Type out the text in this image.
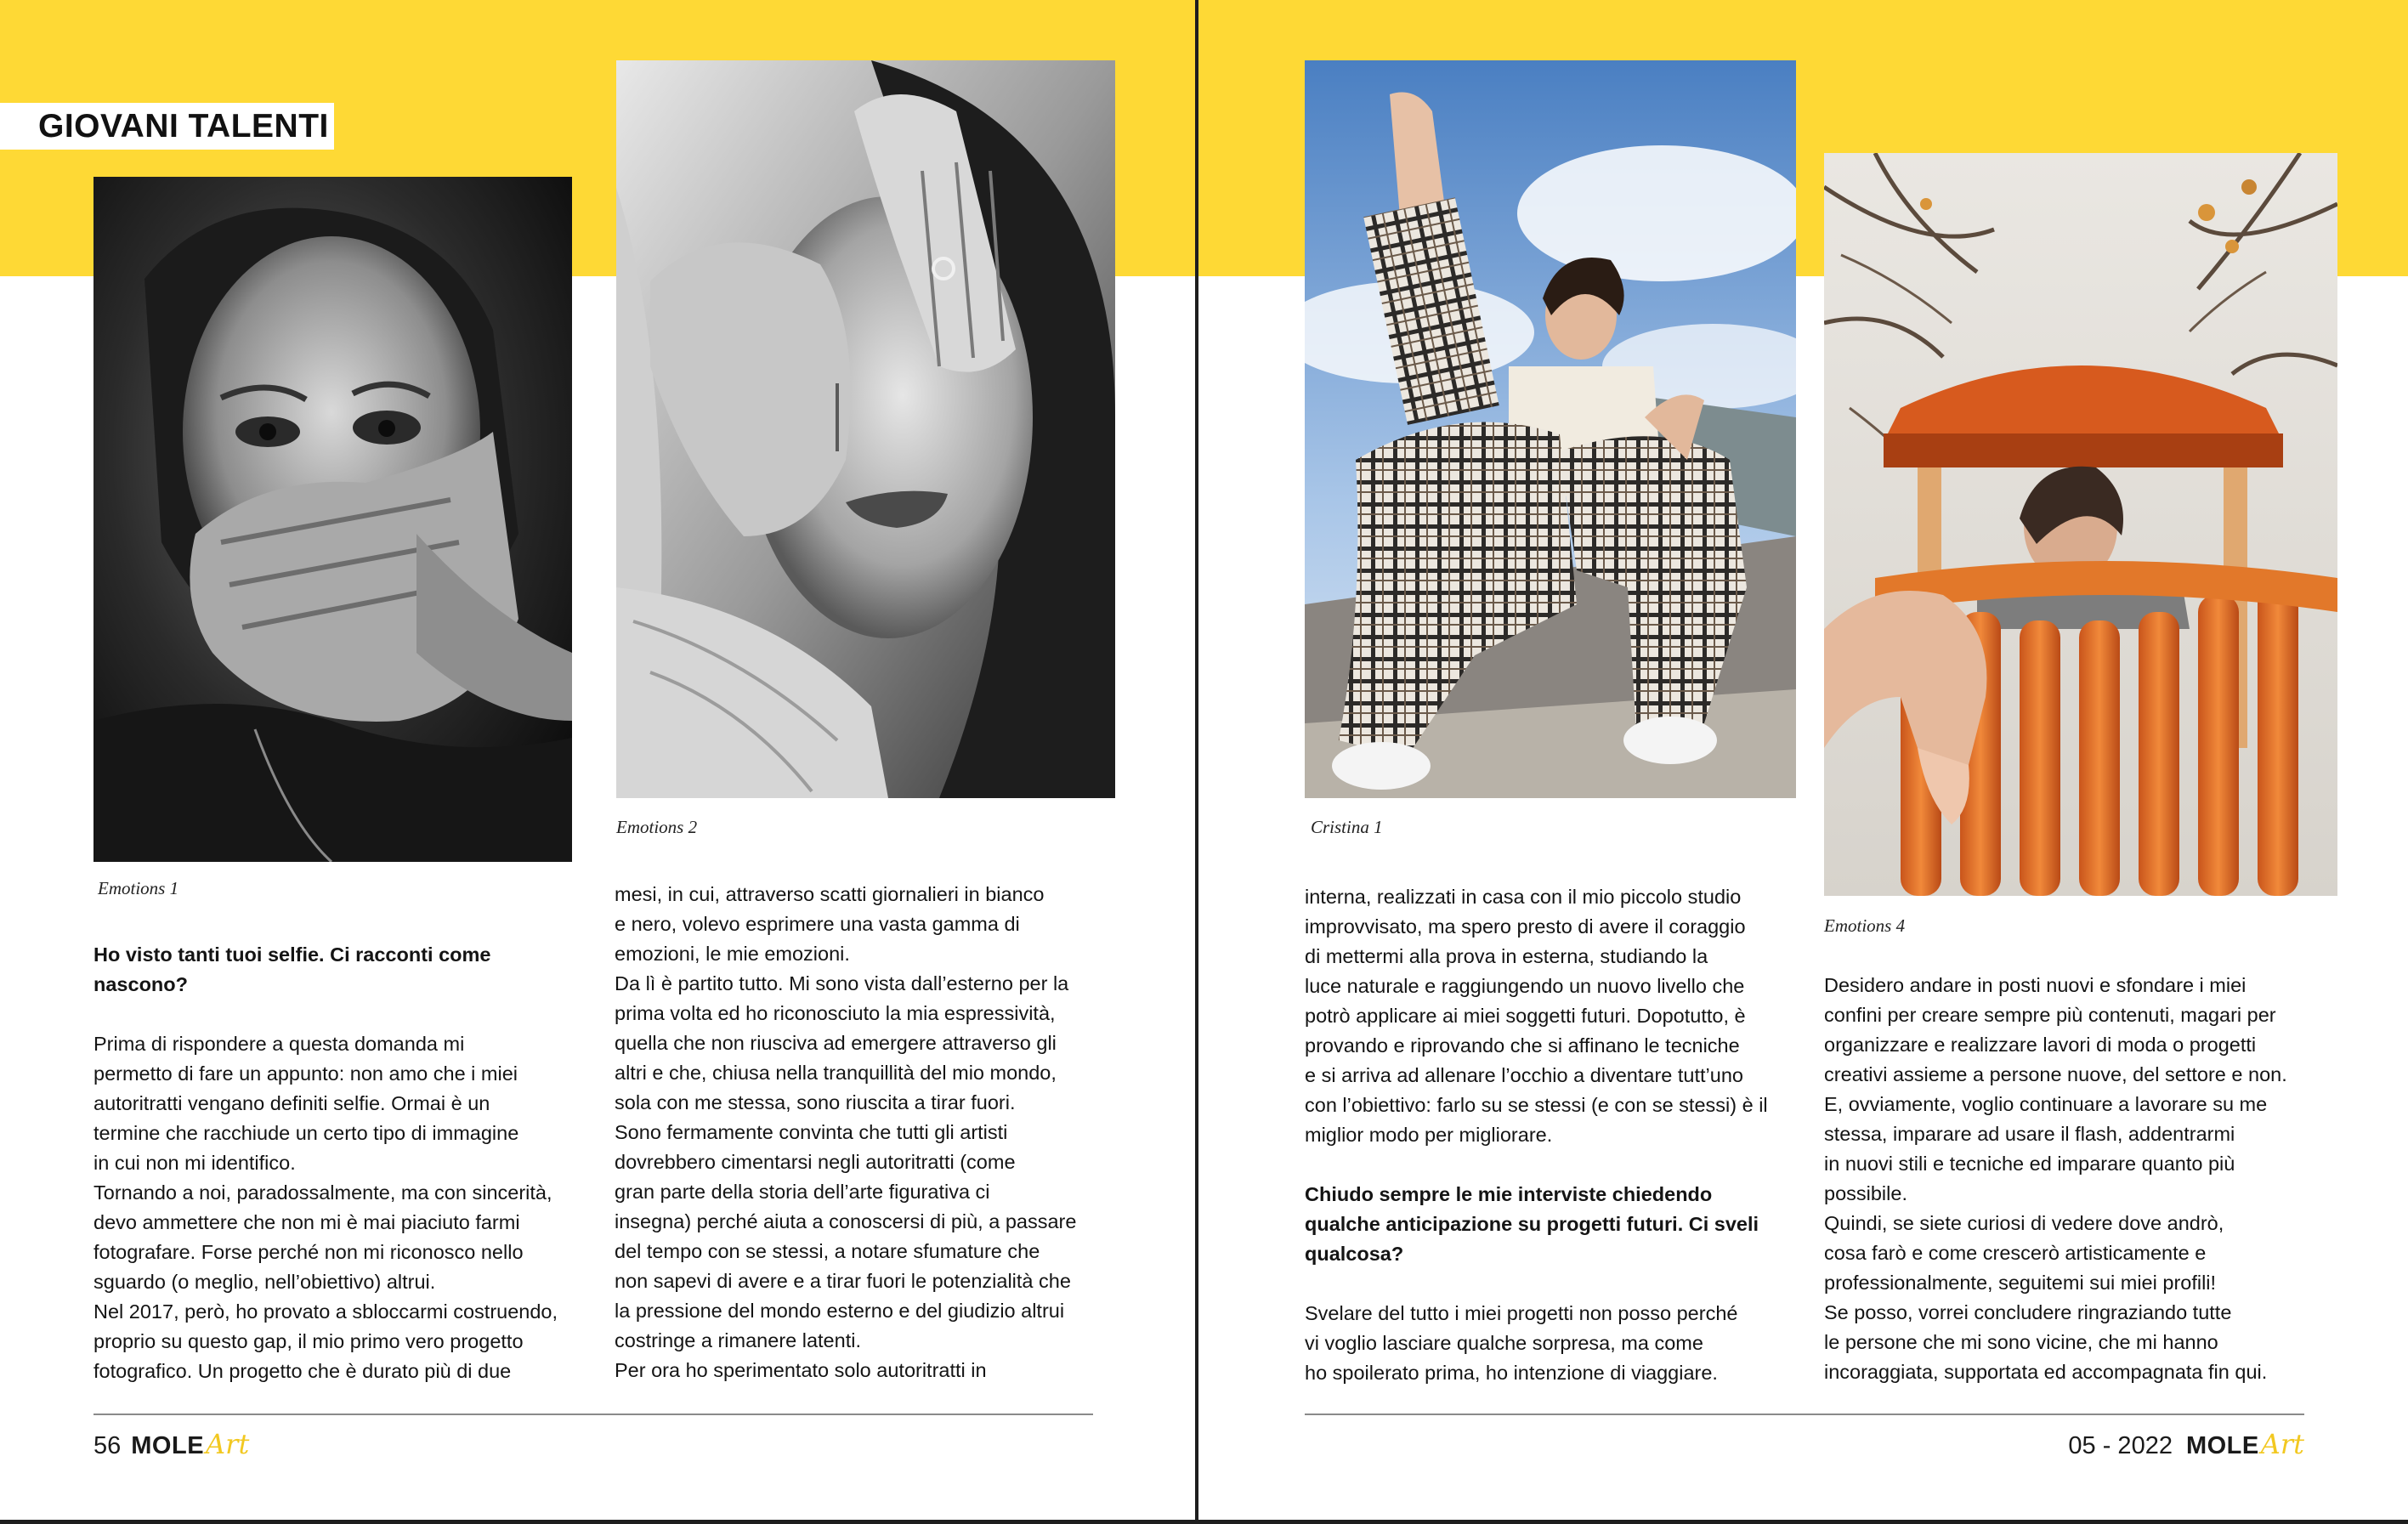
GIOVANI TALENTI
Emotions 1
Emotions 2

Ho visto tanti tuoi selfie. Ci racconti come

nascono?

Prima di rispondere a questa domanda mi

permetto di fare un appunto: non amo che i miei

autoritratti vengano definiti selfie. Ormai è un

termine che racchiude un certo tipo di immagine

in cui non mi identifico.

Tornando a noi, paradossalmente, ma con sincerità,

devo ammettere che non mi è mai piaciuto farmi

fotografare. Forse perché non mi riconosco nello

sguardo (o meglio, nell’obiettivo) altrui.

Nel 2017, però, ho provato a sbloccarmi costruendo,

proprio su questo gap, il mio primo vero progetto

fotografico. Un progetto che è durato più di due

mesi, in cui, attraverso scatti giornalieri in bianco

e nero, volevo esprimere una vasta gamma di

emozioni, le mie emozioni.

Da lì è partito tutto. Mi sono vista dall’esterno per la

prima volta ed ho riconosciuto la mia espressività,

quella che non riusciva ad emergere attraverso gli

altri e che, chiusa nella tranquillità del mio mondo,

sola con me stessa, sono riuscita a tirar fuori.

Sono fermamente convinta che tutti gli artisti

dovrebbero cimentarsi negli autoritratti (come

gran parte della storia dell’arte figurativa ci

insegna) perché aiuta a conoscersi di più, a passare

del tempo con se stessi, a notare sfumature che

non sapevi di avere e a tirar fuori le potenzialità che

la pressione del mondo esterno e del giudizio altrui

costringe a rimanere latenti.

Per ora ho sperimentato solo autoritratti in

56 MOLE Art
Cristina 1
Emotions 4

interna, realizzati in casa con il mio piccolo studio

improvvisato, ma spero presto di avere il coraggio

di mettermi alla prova in esterna, studiando la

luce naturale e raggiungendo un nuovo livello che

potrò applicare ai miei soggetti futuri. Dopotutto, è

provando e riprovando che si affinano le tecniche

e si arriva ad allenare l’occhio a diventare tutt’uno

con l’obiettivo: farlo su se stessi (e con se stessi) è il

miglior modo per migliorare.

Chiudo sempre le mie interviste chiedendo

qualche anticipazione su progetti futuri. Ci sveli

qualcosa?

Svelare del tutto i miei progetti non posso perché

vi voglio lasciare qualche sorpresa, ma come

ho spoilerato prima, ho intenzione di viaggiare.

Desidero andare in posti nuovi e sfondare i miei

confini per creare sempre più contenuti, magari per

organizzare e realizzare lavori di moda o progetti

creativi assieme a persone nuove, del settore e non.

E, ovviamente, voglio continuare a lavorare su me

stessa, imparare ad usare il flash, addentrarmi

in nuovi stili e tecniche ed imparare quanto più

possibile.

Quindi, se siete curiosi di vedere dove andrò,

cosa farò e come crescerò artisticamente e

professionalmente, seguitemi sui miei profili!

Se posso, vorrei concludere ringraziando tutte

le persone che mi sono vicine, che mi hanno

incoraggiata, supportata ed accompagnata fin qui.

05 - 2022 MOLE Art
